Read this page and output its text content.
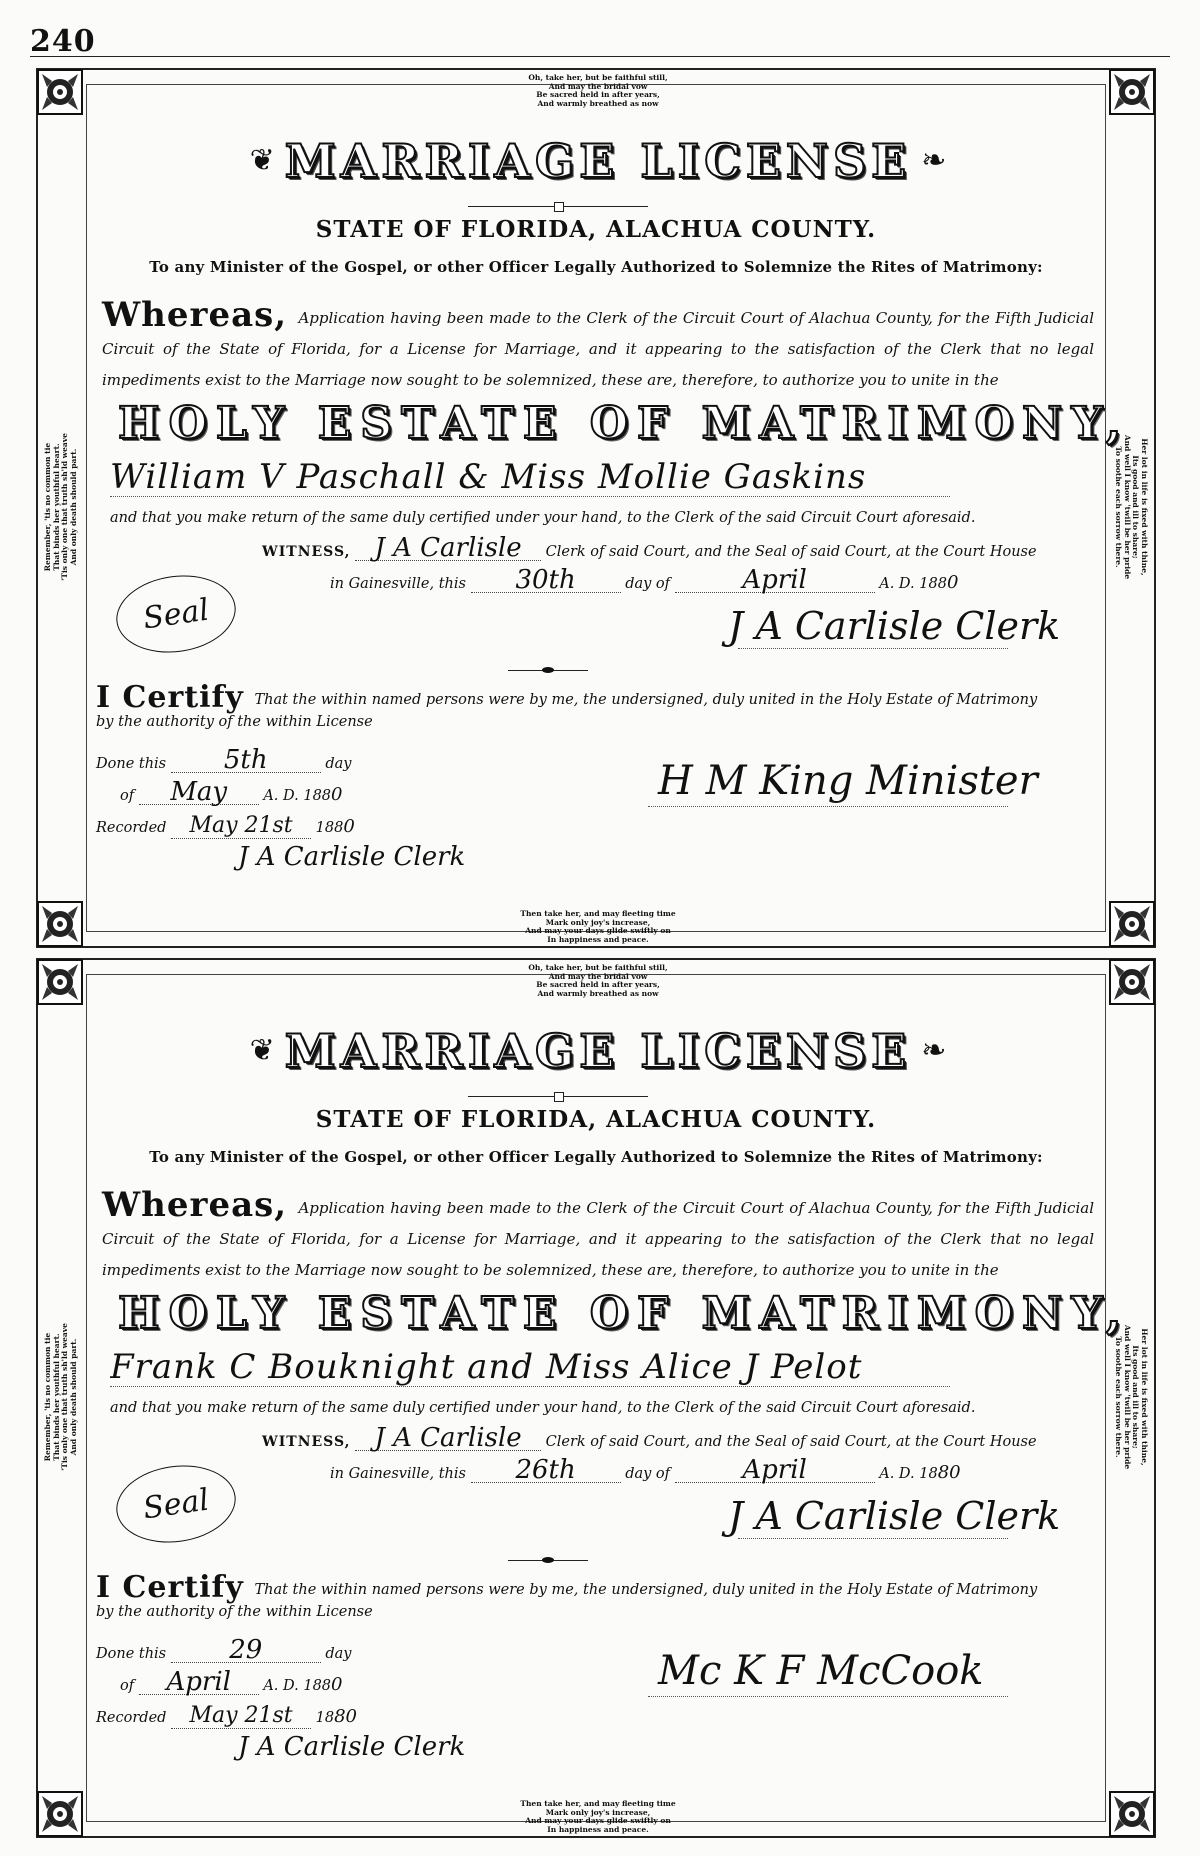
240
Oh, take her, but be faithful still,
And may the bridal vow
Be sacred held in after years,
And warmly breathed as now
Remember, 'tis no common tie
That binds her youthful heart.
'Tis only one that truth sh'ld weave
And only death should part.
Her lot in life is fixed with thine,
Its good and ill to share;
And well I know 'twill be her pride
To soothe each sorrow there.
❦ MARRIAGE LICENSE ❧
STATE OF FLORIDA, ALACHUA COUNTY.
To any Minister of the Gospel, or other Officer Legally Authorized to Solemnize the Rites of Matrimony:
Whereas, Application having been made to the Clerk of the Circuit Court of Alachua County, for the Fifth Judicial Circuit of the State of Florida, for a License for Marriage, and it appearing to the satisfaction of the Clerk that no legal impediments exist to the Marriage now sought to be solemnized, these are, therefore, to authorize you to unite in the
HOLY ESTATE OF MATRIMONY,
William V Paschall & Miss Mollie Gaskins
and that you make return of the same duly certified under your hand, to the Clerk of the said Circuit Court aforesaid.
WITNESS, J A Carlisle Clerk of said Court, and the Seal of said Court, at the Court House
in Gainesville, this 30th	day of	April	A. D. 1880
Seal	J A Carlisle Clerk
I Certify That the within named persons were by me, the undersigned, duly united in the Holy Estate of Matrimony
by the authority of the within License
Done this 5th	day
of May A. D. 1880	H M King Minister
Recorded May 21st 1880
J A Carlisle Clerk
Then take her, and may fleeting time
Mark only joy's increase,
And may your days glide swiftly on
In happiness and peace.
Oh, take her, but be faithful still,
And may the bridal vow
Be sacred held in after years,
And warmly breathed as now
Remember, 'tis no common tie
That binds her youthful heart.
'Tis only one that truth sh'ld weave
And only death should part.
Her lot in life is fixed with thine,
Its good and ill to share;
And well I know 'twill be her pride
To soothe each sorrow there.
❦ MARRIAGE LICENSE ❧
STATE OF FLORIDA, ALACHUA COUNTY.
To any Minister of the Gospel, or other Officer Legally Authorized to Solemnize the Rites of Matrimony:
Whereas, Application having been made to the Clerk of the Circuit Court of Alachua County, for the Fifth Judicial Circuit of the State of Florida, for a License for Marriage, and it appearing to the satisfaction of the Clerk that no legal impediments exist to the Marriage now sought to be solemnized, these are, therefore, to authorize you to unite in the
HOLY ESTATE OF MATRIMONY,
Frank C Bouknight and Miss Alice J Pelot
and that you make return of the same duly certified under your hand, to the Clerk of the said Circuit Court aforesaid.
WITNESS, J A Carlisle Clerk of said Court, and the Seal of said Court, at the Court House
in Gainesville, this 26th	day of	April	A. D. 1880
Seal	J A Carlisle Clerk
I Certify That the within named persons were by me, the undersigned, duly united in the Holy Estate of Matrimony
by the authority of the within License
Done this 29	day
of April A. D. 1880	Mc K F McCook
Recorded May 21st 1880
J A Carlisle Clerk
Then take her, and may fleeting time
Mark only joy's increase,
And may your days glide swiftly on
In happiness and peace.
